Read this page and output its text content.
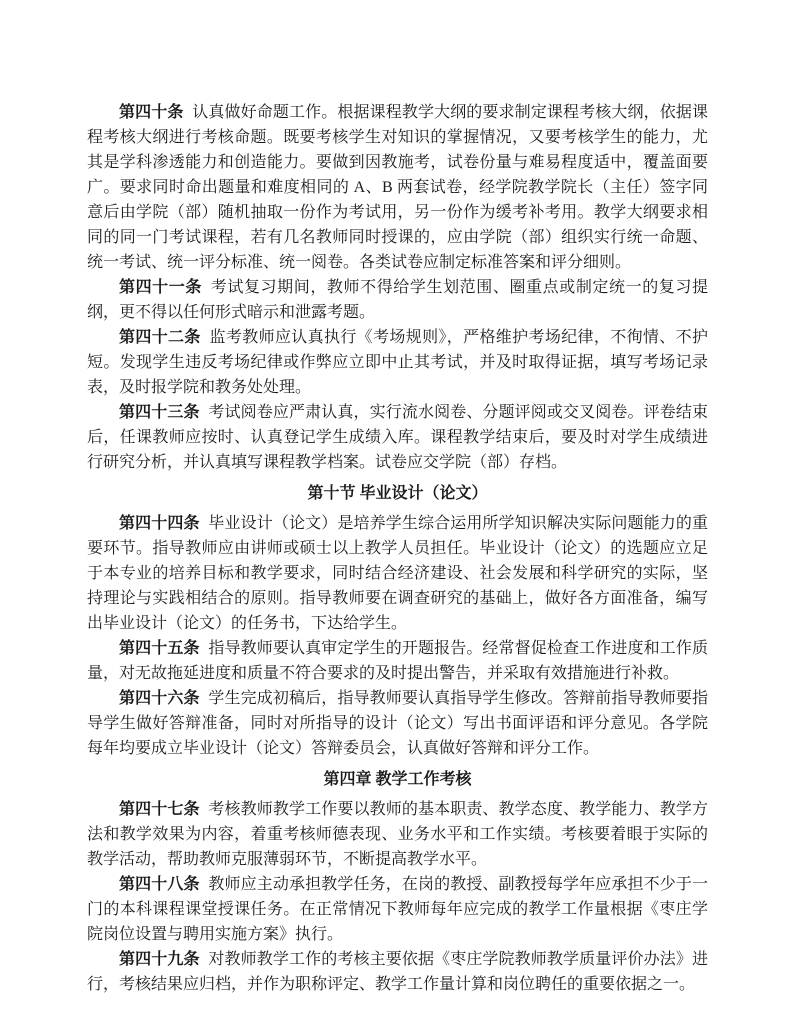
第四十条 认真做好命题工作。根据课程教学大纲的要求制定课程考核大纲，依据课程考核大纲进行考核命题。既要考核学生对知识的掌握情况，又要考核学生的能力，尤其是学科渗透能力和创造能力。要做到因教施考，试卷份量与难易程度适中，覆盖面要广。要求同时命出题量和难度相同的 A、B 两套试卷，经学院教学院长（主任）签字同意后由学院（部）随机抽取一份作为考试用，另一份作为缓考补考用。教学大纲要求相同的同一门考试课程，若有几名教师同时授课的，应由学院（部）组织实行统一命题、统一考试、统一评分标准、统一阅卷。各类试卷应制定标准答案和评分细则。

第四十一条 考试复习期间，教师不得给学生划范围、圈重点或制定统一的复习提纲，更不得以任何形式暗示和泄露考题。

第四十二条 监考教师应认真执行《考场规则》，严格维护考场纪律，不徇情、不护短。发现学生违反考场纪律或作弊应立即中止其考试，并及时取得证据，填写考场记录表，及时报学院和教务处处理。

第四十三条 考试阅卷应严肃认真，实行流水阅卷、分题评阅或交叉阅卷。评卷结束后，任课教师应按时、认真登记学生成绩入库。课程教学结束后，要及时对学生成绩进行研究分析，并认真填写课程教学档案。试卷应交学院（部）存档。

第十节 毕业设计（论文）

第四十四条 毕业设计（论文）是培养学生综合运用所学知识解决实际问题能力的重要环节。指导教师应由讲师或硕士以上教学人员担任。毕业设计（论文）的选题应立足于本专业的培养目标和教学要求，同时结合经济建设、社会发展和科学研究的实际，坚持理论与实践相结合的原则。指导教师要在调查研究的基础上，做好各方面准备，编写出毕业设计（论文）的任务书，下达给学生。

第四十五条 指导教师要认真审定学生的开题报告。经常督促检查工作进度和工作质量，对无故拖延进度和质量不符合要求的及时提出警告，并采取有效措施进行补救。

第四十六条 学生完成初稿后，指导教师要认真指导学生修改。答辩前指导教师要指导学生做好答辩准备，同时对所指导的设计（论文）写出书面评语和评分意见。各学院每年均要成立毕业设计（论文）答辩委员会，认真做好答辩和评分工作。

第四章 教学工作考核

第四十七条 考核教师教学工作要以教师的基本职责、教学态度、教学能力、教学方法和教学效果为内容，着重考核师德表现、业务水平和工作实绩。考核要着眼于实际的教学活动，帮助教师克服薄弱环节，不断提高教学水平。

第四十八条 教师应主动承担教学任务，在岗的教授、副教授每学年应承担不少于一门的本科课程课堂授课任务。在正常情况下教师每年应完成的教学工作量根据《枣庄学院岗位设置与聘用实施方案》执行。

第四十九条 对教师教学工作的考核主要依据《枣庄学院教师教学质量评价办法》进行，考核结果应归档，并作为职称评定、教学工作量计算和岗位聘任的重要依据之一。
